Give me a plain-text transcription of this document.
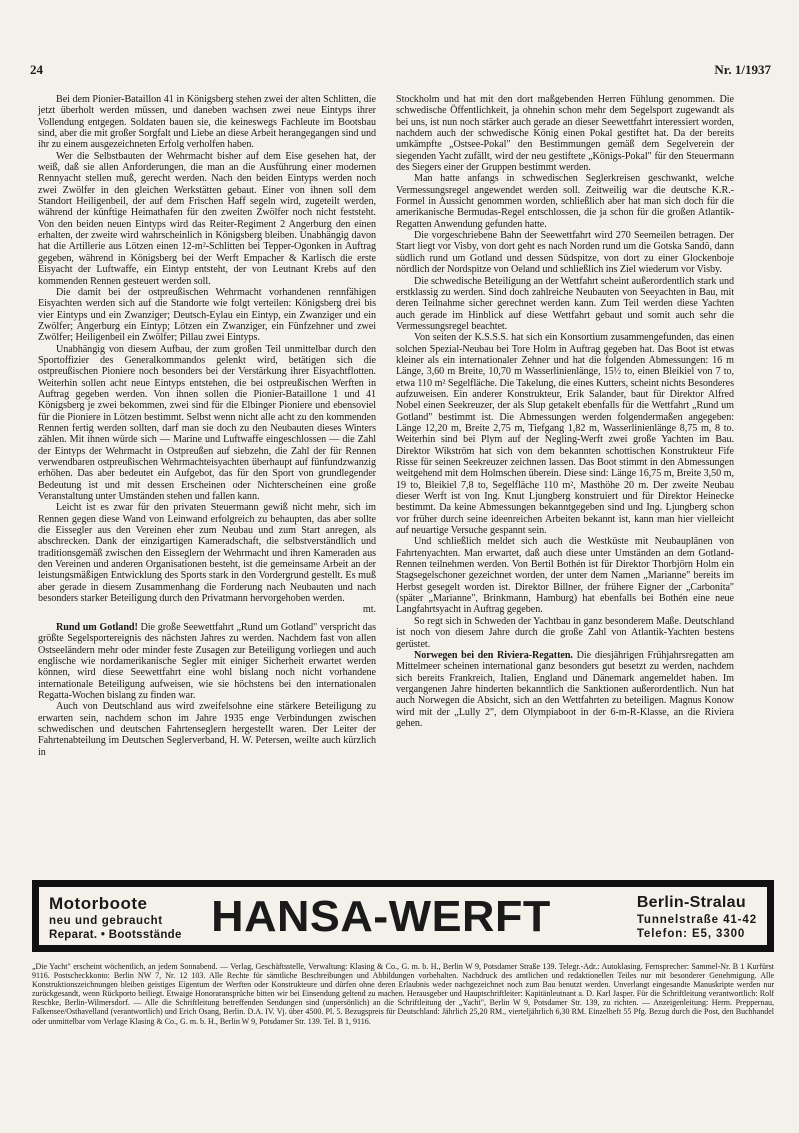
24	Nr. 1/1937

Bei dem Pionier-Bataillon 41 in Königsberg stehen zwei der alten Schlitten, die jetzt überholt werden müssen, und daneben wachsen zwei neue Eintyps ihrer Vollendung entgegen. Soldaten bauen sie, die keineswegs Fachleute im Bootsbau sind, aber die mit großer Sorgfalt und Liebe an diese Arbeit herangegangen sind und ihr zu einem ausgezeichneten Erfolg verholfen haben.

Wer die Selbstbauten der Wehrmacht bisher auf dem Eise gesehen hat, der weiß, daß sie allen Anforderungen, die man an die Ausführung einer modernen Rennyacht stellen muß, gerecht werden. Nach den beiden Eintyps werden noch zwei Zwölfer in den gleichen Werkstätten gebaut. Einer von ihnen soll dem Standort Heiligenbeil, der auf dem Frischen Haff segeln wird, zugeteilt werden, während der künftige Heimathafen für den zweiten Zwölfer noch nicht feststeht. Von den beiden neuen Eintyps wird das Reiter-Regiment 2 Angerburg den einen erhalten, der zweite wird wahrscheinlich in Königsberg bleiben. Unabhängig davon hat die Artillerie aus Lötzen einen 12-m²-Schlitten bei Tepper-Ogonken in Auftrag gegeben, während in Königsberg bei der Werft Empacher & Karlisch die erste Eisyacht der Luftwaffe, ein Eintyp entsteht, der von Leutnant Krebs auf den kommenden Rennen gesteuert werden soll.

Die damit bei der ostpreußischen Wehrmacht vorhandenen rennfähigen Eisyachten werden sich auf die Standorte wie folgt verteilen: Königsberg drei bis vier Eintyps und ein Zwanziger; Deutsch-Eylau ein Eintyp, ein Zwanziger und ein Zwölfer; Angerburg ein Eintyp; Lötzen ein Zwanziger, ein Fünfzehner und zwei Zwölfer; Heiligenbeil ein Zwölfer; Pillau zwei Eintyps.

Unabhängig von diesem Aufbau, der zum großen Teil unmittelbar durch den Sportoffizier des Generalkommandos gelenkt wird, betätigen sich die ostpreußischen Pioniere noch besonders bei der Verstärkung ihrer Eisyachtflotten. Weiterhin sollen acht neue Eintyps entstehen, die bei ostpreußischen Werften in Auftrag gegeben werden. Von ihnen sollen die Pionier-Bataillone 1 und 41 Königsberg je zwei bekommen, zwei sind für die Elbinger Pioniere und ebensoviel für die Pioniere in Lötzen bestimmt. Selbst wenn nicht alle acht zu den kommenden Rennen fertig werden sollten, darf man sie doch zu den Neubauten dieses Winters zählen. Mit ihnen würde sich — Marine und Luftwaffe eingeschlossen — die Zahl der Eintyps der Wehrmacht in Ostpreußen auf siebzehn, die Zahl der für Rennen verwendbaren ostpreußischen Wehrmachteisyachten überhaupt auf fünfundzwanzig erhöhen. Das aber bedeutet ein Aufgebot, das für den Sport von grundlegender Bedeutung ist und mit dessen Erscheinen oder Nichterscheinen eine große Veranstaltung unter Umständen stehen und fallen kann.

Leicht ist es zwar für den privaten Steuermann gewiß nicht mehr, sich im Rennen gegen diese Wand von Leinwand erfolgreich zu behaupten, das aber sollte die Eissegler aus den Vereinen eher zum Neubau und zum Start anregen, als abschrecken. Dank der einzigartigen Kameradschaft, die selbstverständlich und traditionsgemäß zwischen den Eisseglern der Wehrmacht und ihren Kameraden aus den Vereinen und anderen Organisationen besteht, ist die gemeinsame Arbeit an der leistungsmäßigen Entwicklung des Sports stark in den Vordergrund gestellt. Es muß aber gerade in diesem Zusammenhang die Forderung nach Neubauten und nach besonders starker Beteiligung durch den Privatmann hervorgehoben werden.

mt.

Rund um Gotland! Die große Seewettfahrt „Rund um Gotland" verspricht das größte Segelsportereignis des nächsten Jahres zu werden. Nachdem fast von allen Ostseeländern mehr oder minder feste Zusagen zur Beteiligung vorliegen und auch englische wie nordamerikanische Segler mit einiger Sicherheit erwartet werden können, wird diese Seewettfahrt eine wohl bislang noch nicht vorhandene internationale Beteiligung aufweisen, wie sie höchstens bei den internationalen Regatta-Wochen bislang zu finden war.

Auch von Deutschland aus wird zweifelsohne eine stärkere Beteiligung zu erwarten sein, nachdem schon im Jahre 1935 enge Verbindungen zwischen schwedischen und deutschen Fahrtenseglern hergestellt waren. Der Leiter der Fahrtenabteilung im Deutschen Seglerverband, H. W. Petersen, weilte auch kürzlich in

Stockholm und hat mit den dort maßgebenden Herren Fühlung genommen. Die schwedische Öffentlichkeit, ja ohnehin schon mehr dem Segelsport zugewandt als bei uns, ist nun noch stärker auch gerade an dieser Seewettfahrt interessiert worden, nachdem auch der schwedische König einen Pokal gestiftet hat. Da der bereits umkämpfte „Ostsee-Pokal" den Bestimmungen gemäß dem Segelverein der siegenden Yacht zufällt, wird der neu gestiftete „Königs-Pokal" für den Steuermann des Siegers einer der Gruppen bestimmt werden.

Man hatte anfangs in schwedischen Seglerkreisen geschwankt, welche Vermessungsregel angewendet werden soll. Zeitweilig war die deutsche K.R.-Formel in Aussicht genommen worden, schließlich aber hat man sich doch für die amerikanische Bermudas-Regel entschlossen, die ja schon für die großen Atlantik-Regatten Anwendung gefunden hatte.

Die vorgeschriebene Bahn der Seewettfahrt wird 270 Seemeilen betragen. Der Start liegt vor Visby, von dort geht es nach Norden rund um die Gotska Sandö, dann südlich rund um Gotland und dessen Südspitze, von dort zu einer Glockenboje nördlich der Nordspitze von Oeland und schließlich ins Ziel wiederum vor Visby.

Die schwedische Beteiligung an der Wettfahrt scheint außerordentlich stark und erstklassig zu werden. Sind doch zahlreiche Neubauten von Seeyachten in Bau, mit deren Teilnahme sicher gerechnet werden kann. Zum Teil werden diese Yachten auch gerade im Hinblick auf diese Wettfahrt gebaut und somit auch sehr die Vermessungsregel beachtet.

Von seiten der K.S.S.S. hat sich ein Konsortium zusammengefunden, das einen solchen Spezial-Neubau bei Tore Holm in Auftrag gegeben hat. Das Boot ist etwas kleiner als ein internationaler Zehner und hat die folgenden Abmessungen: 16 m Länge, 3,60 m Breite, 10,70 m Wasserlinienlänge, 15½ to, einen Bleikiel von 7 to, etwa 110 m² Segelfläche. Die Takelung, die eines Kutters, scheint nichts Besonderes aufzuweisen. Ein anderer Konstrukteur, Erik Salander, baut für Direktor Alfred Nobel einen Seekreuzer, der als Slup getakelt ebenfalls für die Wettfahrt „Rund um Gotland" bestimmt ist. Die Abmessungen werden folgendermaßen angegeben: Länge 12,20 m, Breite 2,75 m, Tiefgang 1,82 m, Wasserlinienlänge 8,75 m, 8 to. Weiterhin sind bei Plym auf der Negling-Werft zwei große Yachten im Bau. Direktor Wikström hat sich von dem bekannten schottischen Konstrukteur Fife Risse für seinen Seekreuzer zeichnen lassen. Das Boot stimmt in den Abmessungen weitgehend mit dem Holmschen überein. Diese sind: Länge 16,75 m, Breite 3,50 m, 19 to, Bleikiel 7,8 to, Segelfläche 110 m², Masthöhe 20 m. Der zweite Neubau dieser Werft ist von Ing. Knut Ljungberg konstruiert und für Direktor Heinecke bestimmt. Da keine Abmessungen bekanntgegeben sind und Ing. Ljungberg schon vor früher durch seine ideenreichen Arbeiten bekannt ist, kann man hier vielleicht auf neuartige Versuche gespannt sein.

Und schließlich meldet sich auch die Westküste mit Neubauplänen von Fahrtenyachten. Man erwartet, daß auch diese unter Umständen an dem Gotland-Rennen teilnehmen werden. Von Bertil Bothén ist für Direktor Thorbjörn Holm ein Stagsegelschoner gezeichnet worden, der unter dem Namen „Marianne" bereits im Herbst gesegelt worden ist. Direktor Billner, der frühere Eigner der „Carbonita" (später „Marianne", Brinkmann, Hamburg) hat ebenfalls bei Bothén eine neue Langfahrtsyacht in Auftrag gegeben.

So regt sich in Schweden der Yachtbau in ganz besonderem Maße. Deutschland ist noch von diesem Jahre durch die große Zahl von Atlantik-Yachten bestens gerüstet.

Norwegen bei den Riviera-Regatten. Die diesjährigen Frühjahrsregatten am Mittelmeer scheinen international ganz besonders gut besetzt zu werden, nachdem sich bereits Frankreich, Italien, England und Dänemark angemeldet haben. Im vergangenen Jahre hinderten bekanntlich die Sanktionen außerordentlich. Nun hat auch Norwegen die Absicht, sich an den Wettfahrten zu beteiligen. Magnus Konow wird mit der „Lully 2", dem Olympiaboot in der 6-m-R-Klasse, an die Riviera gehen.

Motorboote
neu und gebraucht
Reparat. • Bootsstände HANSA-WERFT	Berlin-Stralau
Tunnelstraße 41-42
Telefon: E5, 3300
„Die Yacht" erscheint wöchentlich, an jedem Sonnabend. — Verlag, Geschäftsstelle, Verwaltung: Klasing & Co., G. m. b. H., Berlin W 9, Potsdamer Straße 139. Telegr.-Adr.: Autoklasing. Fernsprecher: Sammel-Nr. B 1 Kurfürst 9116. Postscheckkonto: Berlin NW 7, Nr. 12 103. Alle Rechte für sämtliche Beschreibungen und Abbildungen vorbehalten. Nachdruck des amtlichen und redaktionellen Teiles nur mit besonderer Genehmigung. Alle Konstruktionszeichnungen bleiben geistiges Eigentum der Werften oder Konstrukteure und dürfen ohne deren Erlaubnis weder nachgezeichnet noch zum Bau benutzt werden. Unverlangt eingesandte Manuskripte werden nur zurückgesandt, wenn Rückporto beiliegt. Etwaige Honoraransprüche bitten wir bei Einsendung geltend zu machen. Herausgeber und Hauptschriftleiter: Kapitänleutnant a. D. Karl Jasper. Für die Schriftleitung verantwortlich: Rolf Reschke, Berlin-Wilmersdorf. — Alle die Schriftleitung betreffenden Sendungen sind (unpersönlich) an die Schriftleitung der „Yacht", Berlin W 9, Potsdamer Str. 139, zu richten. — Anzeigenleitung: Herm. Preppernau, Falkensee/Osthavelland (verantwortlich) und Erich Osang, Berlin. D.A. IV. Vj. über 4500. Pl. 5. Bezugspreis für Deutschland: Jährlich 25,20 RM., vierteljährlich 6,30 RM. Einzelheft 55 Pfg. Bezug durch die Post, den Buchhandel oder unmittelbar vom Verlage Klasing & Co., G. m. b. H., Berlin W 9, Potsdamer Str. 139. Tel. B 1, 9116.
